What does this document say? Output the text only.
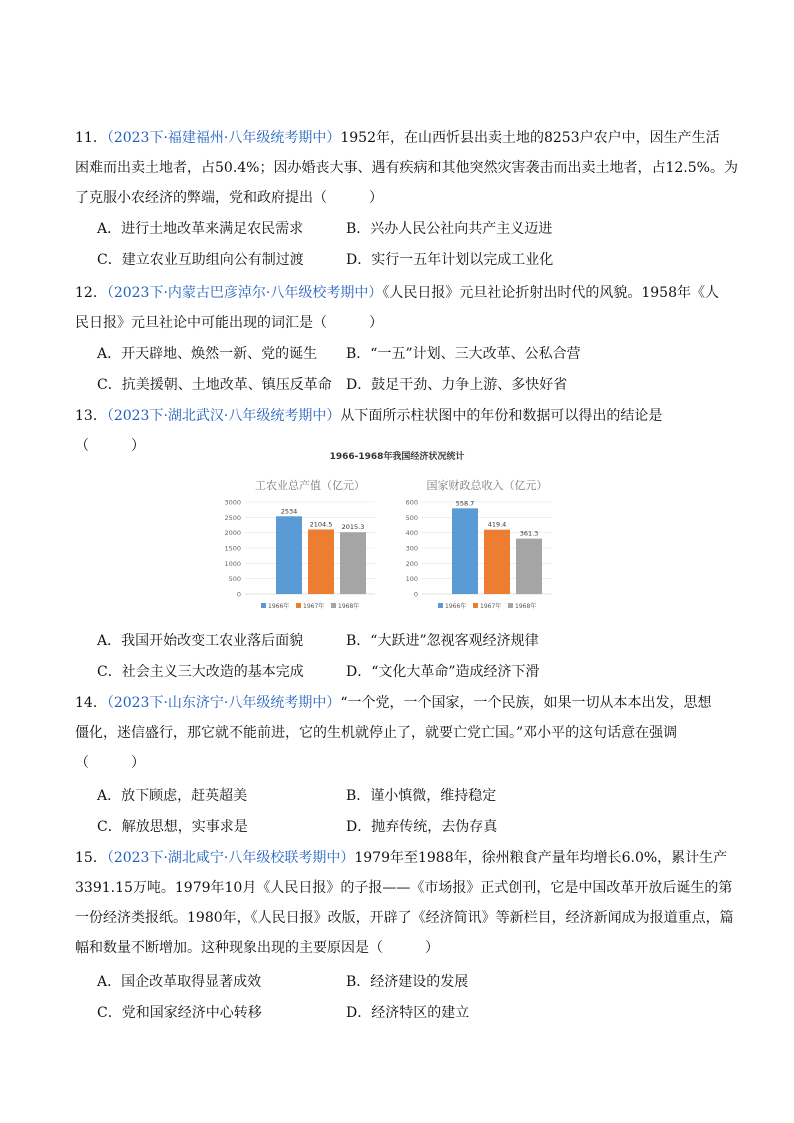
11．（2023下·福建福州·八年级统考期中）1952年，在山西忻县出卖土地的8253户农户中，因生产生活
困难而出卖土地者，占50.4%；因办婚丧大事、遇有疾病和其他突然灾害袭击而出卖土地者，占12.5%。为
了克服小农经济的弊端，党和政府提出（　　　）
A．进行土地改革来满足农民需求	B．兴办人民公社向共产主义迈进
C．建立农业互助组向公有制过渡	D．实行一五年计划以完成工业化
12．（2023下·内蒙古巴彦淖尔·八年级校考期中）《人民日报》元旦社论折射出时代的风貌。1958年《人
民日报》元旦社论中可能出现的词汇是（　　　）
A．开天辟地、焕然一新、党的诞生 B．“一五”计划、三大改革、公私合营
C．抗美援朝、土地改革、镇压反革命 D．鼓足干劲、力争上游、多快好省
13．（2023下·湖北武汉·八年级统考期中）从下面所示柱状图中的年份和数据可以得出的结论是
（　　　）
1966-1968年我国经济状况统计
工农业总产值（亿元）	国家财政总收入（亿元）
1966年 1967年 1968年	1966年 1967年 1968年
0
500
1000
1500
2000
2500
3000
2534
2104.5 2015.3
0
100
200
300
400
500
600	558.7
419.4
361.3
A．我国开始改变工农业落后面貌	B．“大跃进”忽视客观经济规律
C．社会主义三大改造的基本完成	D．“文化大革命”造成经济下滑
14．（2023下·山东济宁·八年级统考期中）“一个党，一个国家，一个民族，如果一切从本本出发，思想
僵化，迷信盛行，那它就不能前进，它的生机就停止了，就要亡党亡国。”邓小平的这句话意在强调
（　　　）
A．放下顾虑，赶英超美	B．谨小慎微，维持稳定
C．解放思想，实事求是	D．抛弃传统，去伪存真
15．（2023下·湖北咸宁·八年级校联考期中）1979年至1988年，徐州粮食产量年均增长6.0%，累计生产
3391.15万吨。1979年10月《人民日报》的子报——《市场报》正式创刊，它是中国改革开放后诞生的第
一份经济类报纸。1980年，《人民日报》改版，开辟了《经济简讯》等新栏目，经济新闻成为报道重点，篇
幅和数量不断增加。这种现象出现的主要原因是（　　　）
A．国企改革取得显著成效	B．经济建设的发展
C．党和国家经济中心转移	D．经济特区的建立
